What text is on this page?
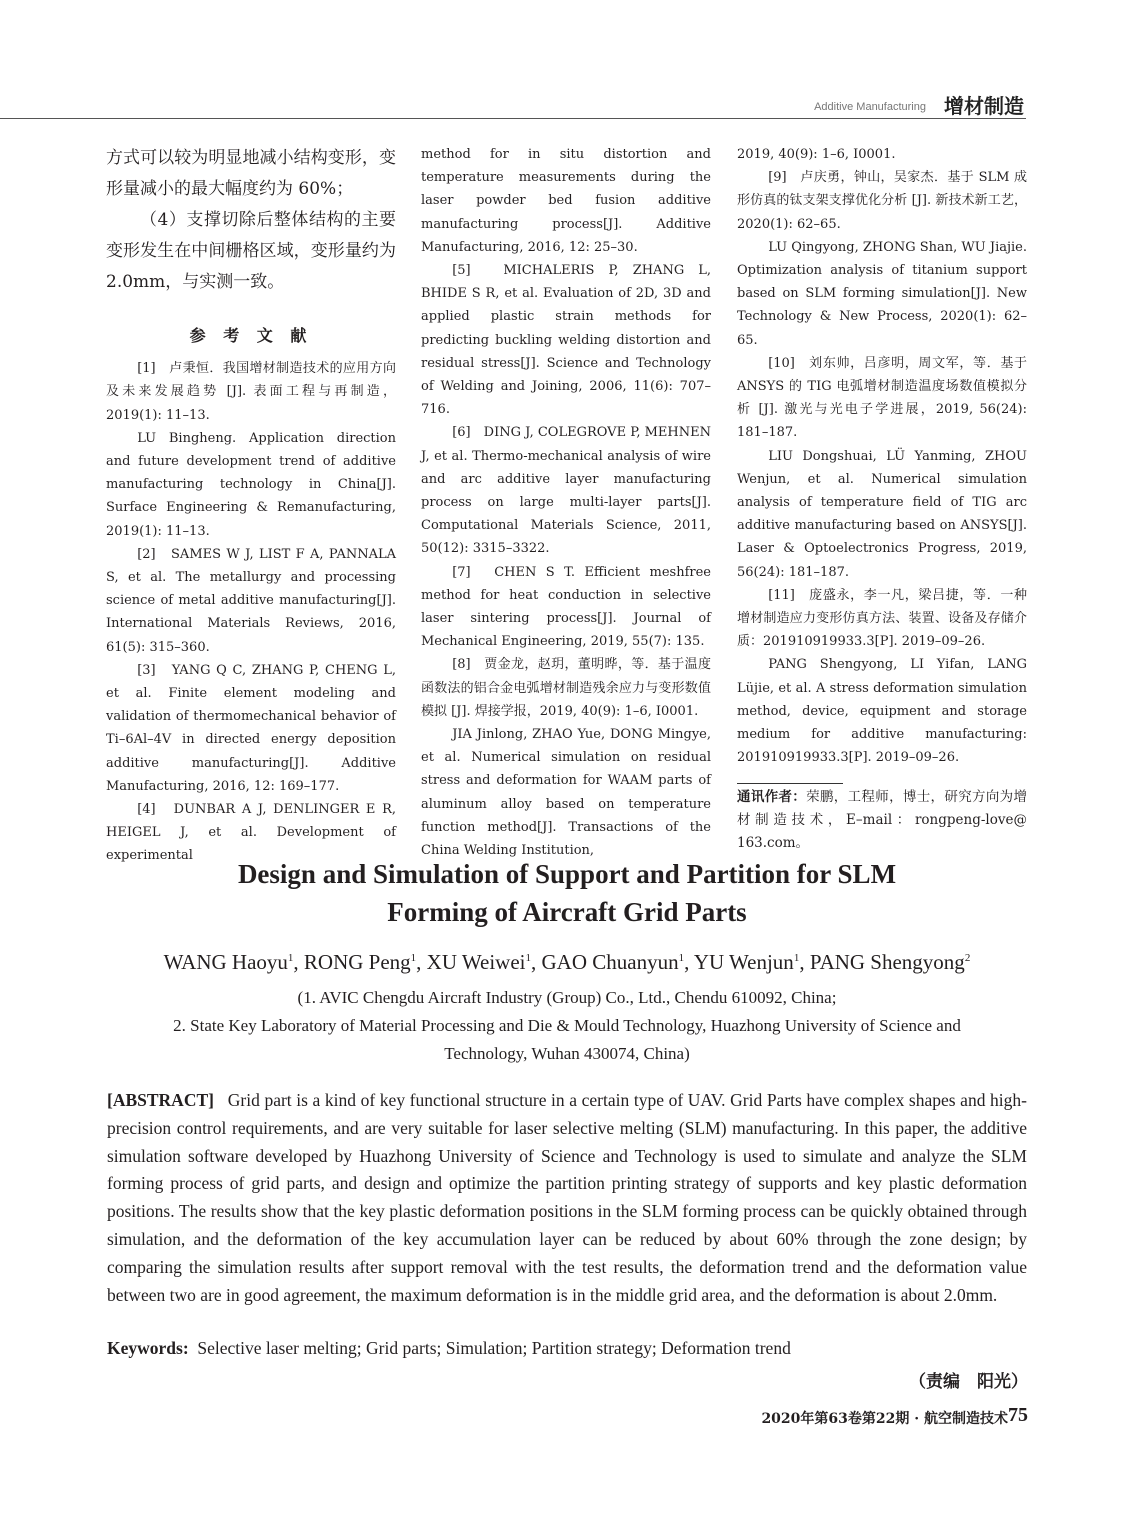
Additive Manufacturing 增材制造

方式可以较为明显地减小结构变形，变形量减小的最大幅度约为 60%；

（4）支撑切除后整体结构的主要变形发生在中间栅格区域，变形量约为 2.0mm，与实测一致。

参 考 文 献

[1]　卢秉恒．我国增材制造技术的应用方向及未来发展趋势 [J]. 表面工程与再制造，2019(1): 11–13.

LU Bingheng. Application direction and future development trend of additive manufacturing technology in China[J]. Surface Engineering & Remanufacturing, 2019(1): 11–13.

[2]　SAMES W J, LIST F A, PANNALA S, et al. The metallurgy and processing science of metal additive manufacturing[J]. International Materials Reviews, 2016, 61(5): 315–360.

[3]　YANG Q C, ZHANG P, CHENG L, et al. Finite element modeling and validation of thermomechanical behavior of Ti–6Al–4V in directed energy deposition additive manufacturing[J]. Additive Manufacturing, 2016, 12: 169–177.

[4]　DUNBAR A J, DENLINGER E R, HEIGEL J, et al. Development of experimental

method for in situ distortion and temperature measurements during the laser powder bed fusion additive manufacturing process[J]. Additive Manufacturing, 2016, 12: 25–30.

[5]　MICHALERIS P, ZHANG L, BHIDE S R, et al. Evaluation of 2D, 3D and applied plastic strain methods for predicting buckling welding distortion and residual stress[J]. Science and Technology of Welding and Joining, 2006, 11(6): 707–716.

[6]　DING J, COLEGROVE P, MEHNEN J, et al. Thermo-mechanical analysis of wire and arc additive layer manufacturing process on large multi-layer parts[J]. Computational Materials Science, 2011, 50(12): 3315–3322.

[7]　CHEN S T. Efficient meshfree method for heat conduction in selective laser sintering process[J]. Journal of Mechanical Engineering, 2019, 55(7): 135.

[8]　贾金龙，赵玥，董明晔，等．基于温度函数法的铝合金电弧增材制造残余应力与变形数值模拟 [J]. 焊接学报，2019, 40(9): 1–6, I0001.

JIA Jinlong, ZHAO Yue, DONG Mingye, et al. Numerical simulation on residual stress and deformation for WAAM parts of aluminum alloy based on temperature function method[J]. Transactions of the China Welding Institution,

2019, 40(9): 1–6, I0001.

[9]　卢庆勇，钟山，吴家杰．基于 SLM 成形仿真的钛支架支撑优化分析 [J]. 新技术新工艺，2020(1): 62–65.

LU Qingyong, ZHONG Shan, WU Jiajie. Optimization analysis of titanium support based on SLM forming simulation[J]. New Technology & New Process, 2020(1): 62–65.

[10]　刘东帅，吕彦明，周文军，等．基于 ANSYS 的 TIG 电弧增材制造温度场数值模拟分析 [J]. 激光与光电子学进展，2019, 56(24): 181–187.

LIU Dongshuai, LÜ Yanming, ZHOU Wenjun, et al. Numerical simulation analysis of temperature field of TIG arc additive manufacturing based on ANSYS[J]. Laser & Optoelectronics Progress, 2019, 56(24): 181–187.

[11]　庞盛永，李一凡，梁吕捷，等．一种增材制造应力变形仿真方法、装置、设备及存储介质：201910919933.3[P]. 2019–09–26.

PANG Shengyong, LI Yifan, LANG Lüjie, et al. A stress deformation simulation method, device, equipment and storage medium for additive manufacturing: 201910919933.3[P]. 2019–09–26.

通讯作者：荣鹏，工程师，博士，研究方向为增材制造技术，E–mail：rongpeng-love@ 163.com。
Design and Simulation of Support and Partition for SLM
Forming of Aircraft Grid Parts
WANG Haoyu$^1$, RONG Peng$^1$, XU Weiwei$^1$, GAO Chuanyun$^1$, YU Wenjun$^1$, PANG Shengyong$^2$
(1. AVIC Chengdu Aircraft Industry (Group) Co., Ltd., Chendu 610092, China;
2. State Key Laboratory of Material Processing and Die & Mould Technology, Huazhong University of Science and
Technology, Wuhan 430074, China)
[ABSTRACT] Grid part is a kind of key functional structure in a certain type of UAV. Grid Parts have complex shapes and high-precision control requirements, and are very suitable for laser selective melting (SLM) manufacturing. In this paper, the additive simulation software developed by Huazhong University of Science and Technology is used to simulate and analyze the SLM forming process of grid parts, and design and optimize the partition printing strategy of supports and key plastic deformation positions. The results show that the key plastic deformation positions in the SLM forming process can be quickly obtained through simulation, and the deformation of the key accumulation layer can be reduced by about 60% through the zone design; by comparing the simulation results after support removal with the test results, the deformation trend and the deformation value between two are in good agreement, the maximum deformation is in the middle grid area, and the deformation is about 2.0mm.
Keywords: Selective laser melting; Grid parts; Simulation; Partition strategy; Deformation trend
（责编　阳光）
2020年第63卷第22期 · 航空制造技术 75
